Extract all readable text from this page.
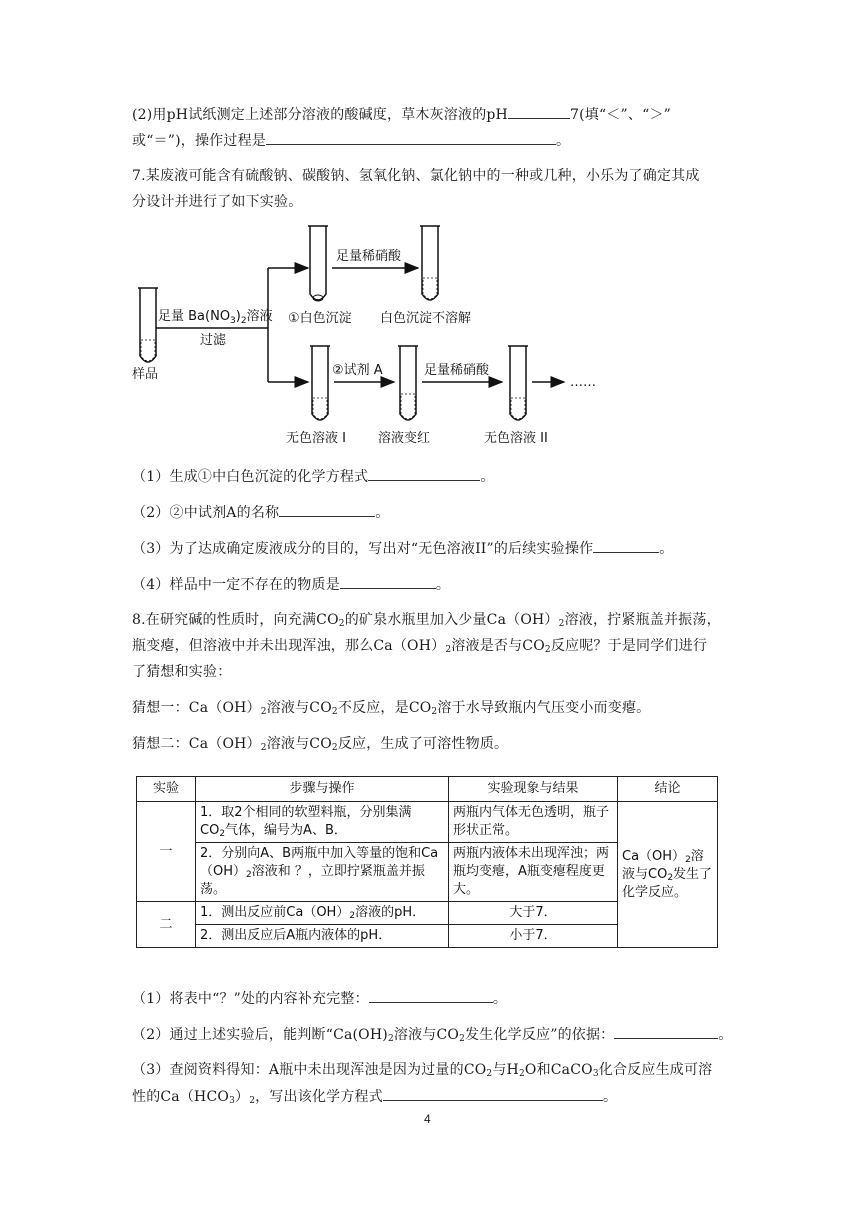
(2)用pH试纸测定上述部分溶液的酸碱度，草木灰溶液的pH	7(填“＜”、“＞”
或“＝”)，操作过程是	。
7.某废液可能含有硫酸钠、碳酸钠、氢氧化钠、氯化钠中的一种或几种，小乐为了确定其成
分设计并进行了如下实验。
样品
足量 $Ba(NO_3)_2$溶液
过滤
①白色沉淀
足量稀硝酸
白色沉淀不溶解
无色溶液 I
②试剂 A
溶液变红
足量稀硝酸
无色溶液 II
……
（1）生成①中白色沉淀的化学方程式	。
（2）②中试剂A的名称	。
（3）为了达成确定废液成分的目的，写出对“无色溶液II”的后续实验操作	。
（4）样品中一定不存在的物质是	。
8.在研究碱的性质时，向充满$CO_2$的矿泉水瓶里加入少量$Ca(OH)_2$溶液，拧紧瓶盖并振荡，
瓶变瘪，但溶液中并未出现浑浊，那么$Ca(OH)_2$溶液是否与$CO_2$反应呢？于是同学们进行
了猜想和实验：
猜想一：$Ca(OH)_2$溶液与$CO_2$不反应，是$CO_2$溶于水导致瓶内气压变小而变瘪。
猜想二：$Ca(OH)_2$溶液与$CO_2$反应，生成了可溶性物质。
实验	步骤与操作	实验现象与结果	结论
一	1．取2个相同的软塑料瓶，分别集满
$CO_2$气体，编号为A、B．	两瓶内气体无色透明，瓶子形状正常。	$Ca(OH)_2$溶液与$CO_2$发生了化学反应。
	2．分别向A、B两瓶中加入等量的饱和$Ca(OH)_2$溶液和 ？，立即拧紧瓶盖并振荡。	两瓶内液体未出现浑浊；两瓶均变瘪，A瓶变瘪程度更大。	
二	1．测出反应前$Ca(OH)_2$溶液的pH．	大于7．	
	2．测出反应后A瓶内液体的pH．	小于7．	
（1）将表中“？”处的内容补充完整：	。
（2）通过上述实验后，能判断“$Ca(OH)_2$溶液与$CO_2$发生化学反应”的依据：	。
（3）查阅资料得知：A瓶中未出现浑浊是因为过量的$CO_2$与$H_2O$和CaCO$_3$化合反应生成可溶
性的$Ca(HCO_3)_2$，写出该化学方程式	。
4
